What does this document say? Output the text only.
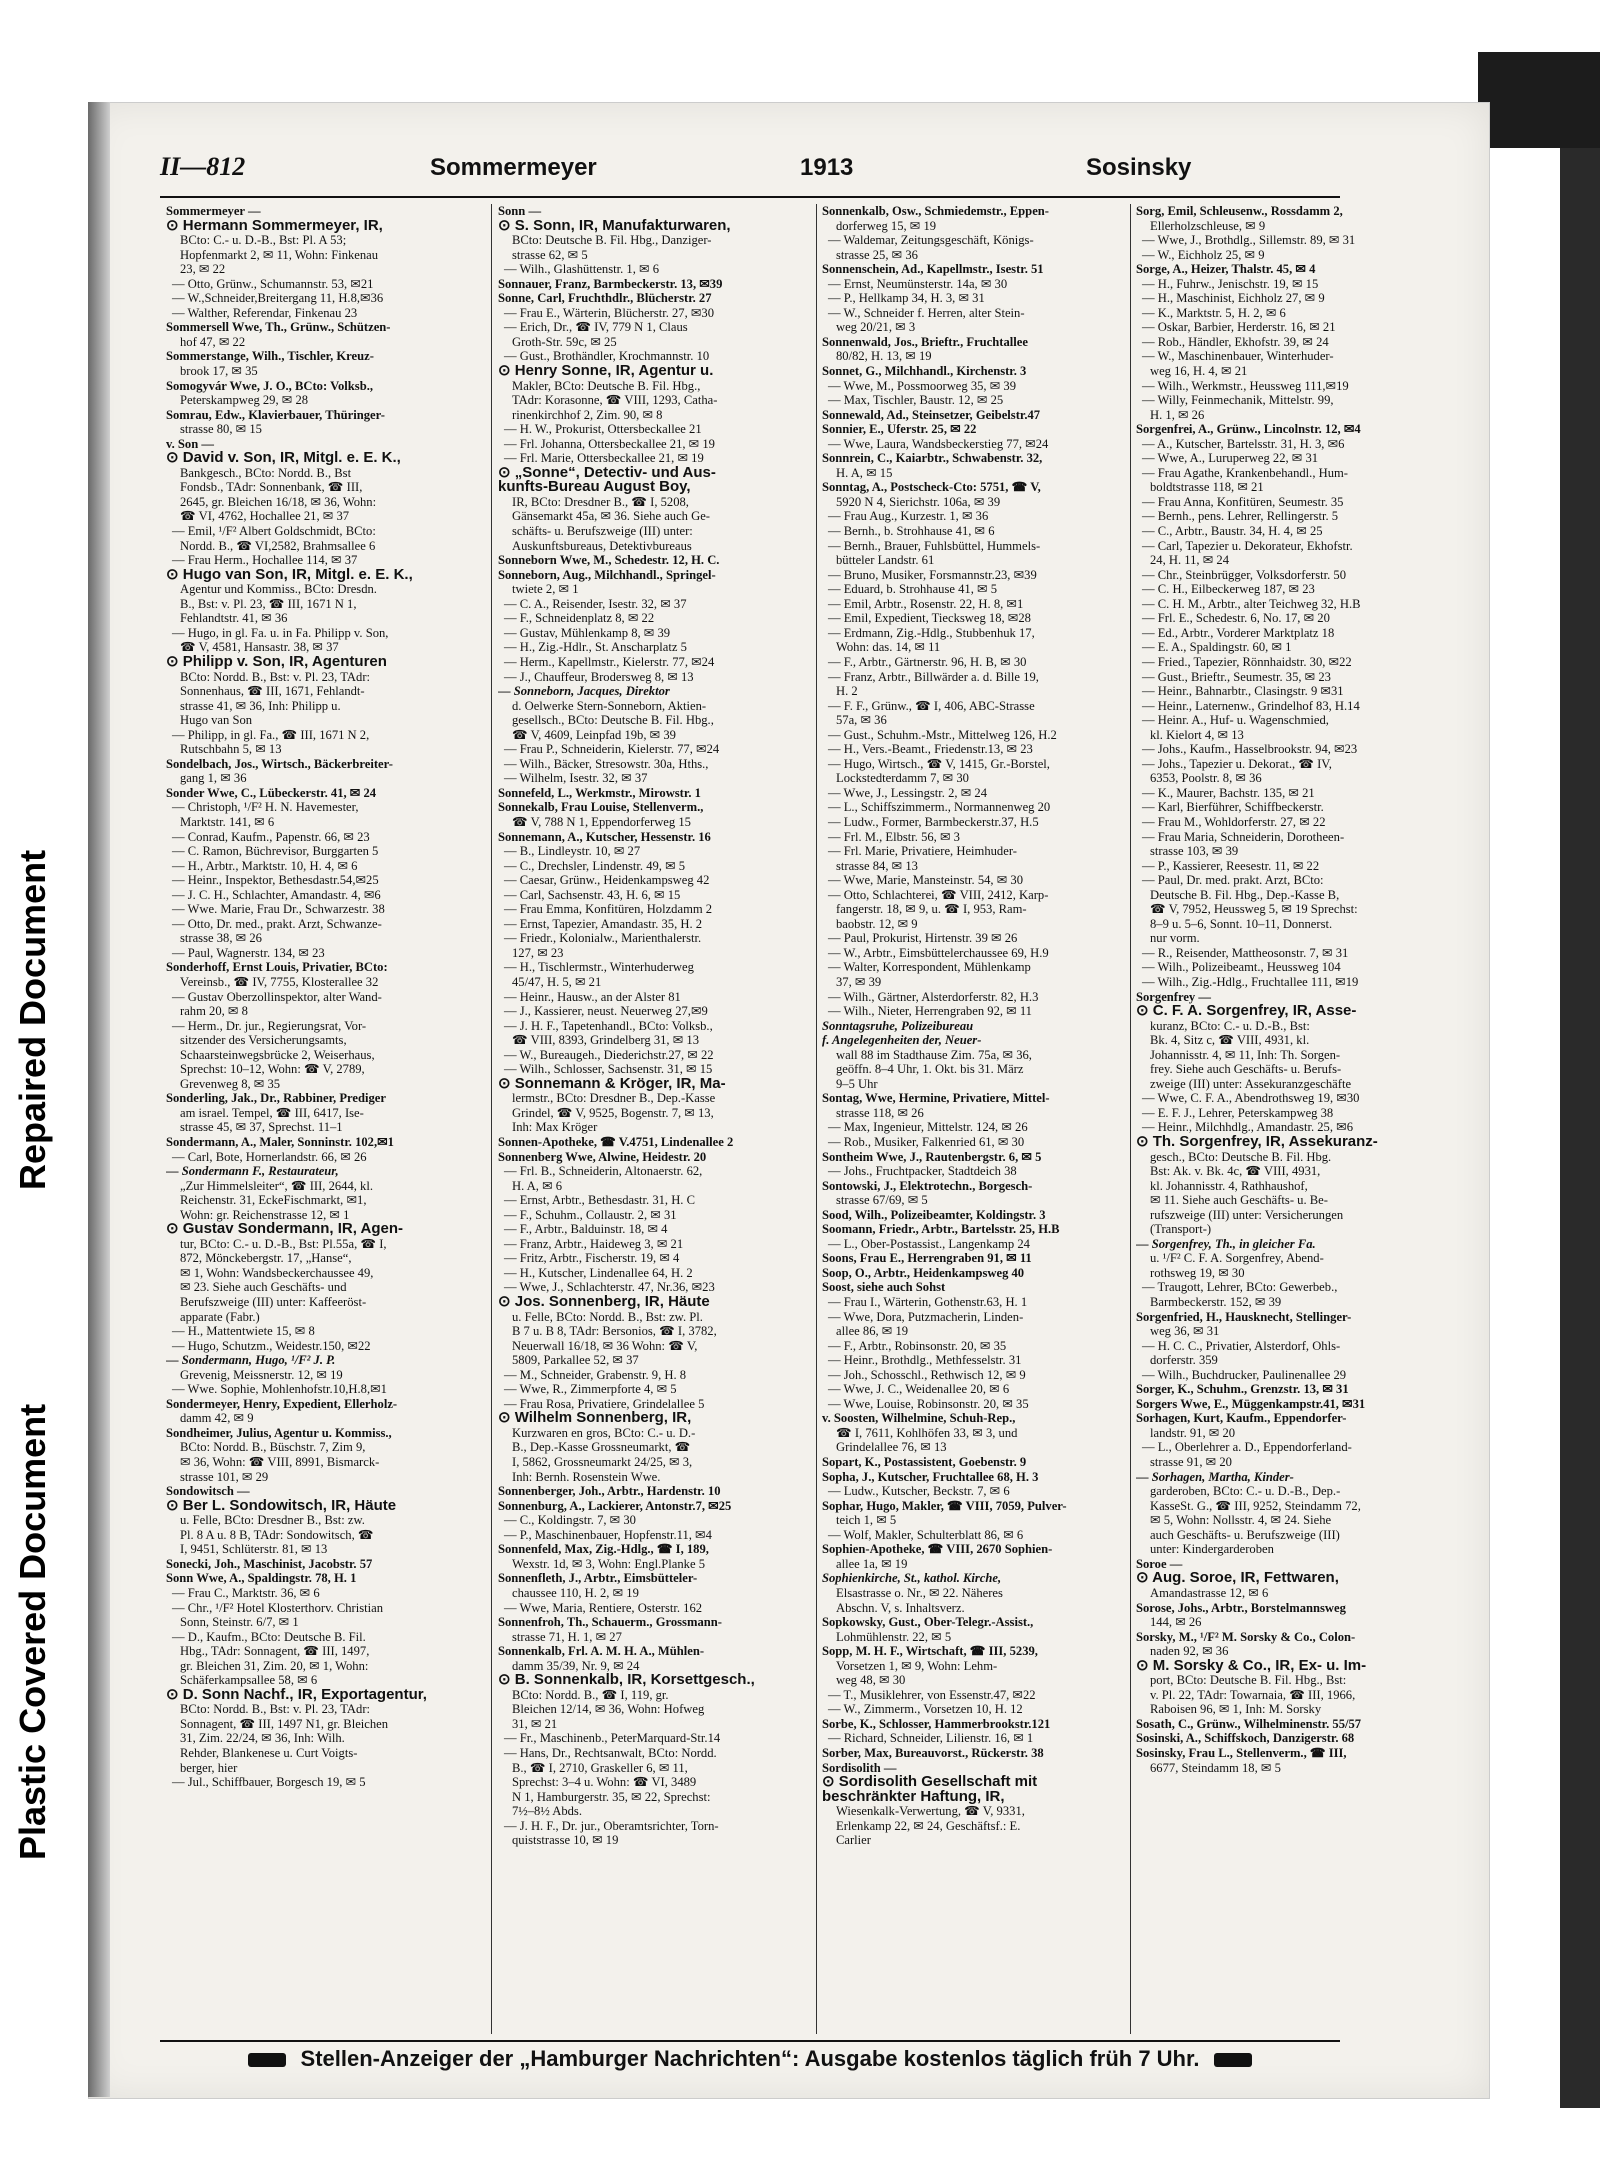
Repaired Document
Plastic Covered Document
II—812	Sommermeyer	1913	Sosinsky

Sommermeyer —

⊙ Hermann Sommermeyer, IR,

BCto: C.- u. D.-B., Bst: Pl. A 53;

Hopfenmarkt 2, ✉ 11, Wohn: Finkenau

23, ✉ 22

— Otto, Grünw., Schumannstr. 53, ✉21

— W.,Schneider,Breitergang 11, H.8,✉36

— Walther, Referendar, Finkenau 23

Sommersell Wwe, Th., Grünw., Schützen-

hof 47, ✉ 22

Sommerstange, Wilh., Tischler, Kreuz-

brook 17, ✉ 35

Somogyvár Wwe, J. O., BCto: Volksb.,

Peterskampweg 29, ✉ 28

Somrau, Edw., Klavierbauer, Thüringer-

strasse 80, ✉ 15

v. Son —

⊙ David v. Son, IR, Mitgl. e. E. K.,

Bankgesch., BCto: Nordd. B., Bst

Fondsb., TAdr: Sonnenbank, ☎ III,

2645, gr. Bleichen 16/18, ✉ 36, Wohn:

☎ VI, 4762, Hochallee 21, ✉ 37

— Emil, ¹/F² Albert Goldschmidt, BCto:

Nordd. B., ☎ VI,2582, Brahmsallee 6

— Frau Herm., Hochallee 114, ✉ 37

⊙ Hugo van Son, IR, Mitgl. e. E. K.,

Agentur und Kommiss., BCto: Dresdn.

B., Bst: v. Pl. 23, ☎ III, 1671 N 1,

Fehlandtstr. 41, ✉ 36

— Hugo, in gl. Fa. u. in Fa. Philipp v. Son,

☎ V, 4581, Hansastr. 38, ✉ 37

⊙ Philipp v. Son, IR, Agenturen

BCto: Nordd. B., Bst: v. Pl. 23, TAdr:

Sonnenhaus, ☎ III, 1671, Fehlandt-

strasse 41, ✉ 36, Inh: Philipp u.

Hugo van Son

— Philipp, in gl. Fa., ☎ III, 1671 N 2,

Rutschbahn 5, ✉ 13

Sondelbach, Jos., Wirtsch., Bäckerbreiter-

gang 1, ✉ 36

Sonder Wwe, C., Lübeckerstr. 41, ✉ 24

— Christoph, ¹/F² H. N. Havemester,

Marktstr. 141, ✉ 6

— Conrad, Kaufm., Papenstr. 66, ✉ 23

— C. Ramon, Büchrevisor, Burggarten 5

— H., Arbtr., Marktstr. 10, H. 4, ✉ 6

— Heinr., Inspektor, Bethesdastr.54,✉25

— J. C. H., Schlachter, Amandastr. 4, ✉6

— Wwe. Marie, Frau Dr., Schwarzestr. 38

— Otto, Dr. med., prakt. Arzt, Schwanze-

strasse 38, ✉ 26

— Paul, Wagnerstr. 134, ✉ 23

Sonderhoff, Ernst Louis, Privatier, BCto:

Vereinsb., ☎ IV, 7755, Klosterallee 32

— Gustav Oberzollinspektor, alter Wand-

rahm 20, ✉ 8

— Herm., Dr. jur., Regierungsrat, Vor-

sitzender des Versicherungsamts,

Schaarsteinwegsbrücke 2, Weiserhaus,

Sprechst: 10–12, Wohn: ☎ V, 2789,

Grevenweg 8, ✉ 35

Sonderling, Jak., Dr., Rabbiner, Prediger

am israel. Tempel, ☎ III, 6417, Ise-

strasse 45, ✉ 37, Sprechst. 11–1

Sondermann, A., Maler, Sonninstr. 102,✉1

— Carl, Bote, Hornerlandstr. 66, ✉ 26

— Sondermann F., Restaurateur,

„Zur Himmelsleiter“, ☎ III, 2644, kl.

Reichenstr. 31, EckeFischmarkt, ✉1,

Wohn: gr. Reichenstrasse 12, ✉ 1

⊙ Gustav Sondermann, IR, Agen-

tur, BCto: C.- u. D.-B., Bst: Pl.55a, ☎ I,

872, Mönckebergstr. 17, „Hanse“,

✉ 1, Wohn: Wandsbeckerchaussee 49,

✉ 23. Siehe auch Geschäfts- und

Berufszweige (III) unter: Kaffeeröst-

apparate (Fabr.)

— H., Mattentwiete 15, ✉ 8

— Hugo, Schutzm., Weidestr.150, ✉22

— Sondermann, Hugo, ¹/F² J. P.

Grevenig, Meissnerstr. 12, ✉ 19

— Wwe. Sophie, Mohlenhofstr.10,H.8,✉1

Sondermeyer, Henry, Expedient, Ellerholz-

damm 42, ✉ 9

Sondheimer, Julius, Agentur u. Kommiss.,

BCto: Nordd. B., Büschstr. 7, Zim 9,

✉ 36, Wohn: ☎ VIII, 8991, Bismarck-

strasse 101, ✉ 29

Sondowitsch —

⊙ Ber L. Sondowitsch, IR, Häute

u. Felle, BCto: Dresdner B., Bst: zw.

Pl. 8 A u. 8 B, TAdr: Sondowitsch, ☎

I, 9451, Schlüterstr. 81, ✉ 13

Sonecki, Joh., Maschinist, Jacobstr. 57

Sonn Wwe, A., Spaldingstr. 78, H. 1

— Frau C., Marktstr. 36, ✉ 6

— Chr., ¹/F² Hotel Klosterthorv. Christian

Sonn, Steinstr. 6/7, ✉ 1

— D., Kaufm., BCto: Deutsche B. Fil.

Hbg., TAdr: Sonnagent, ☎ III, 1497,

gr. Bleichen 31, Zim. 20, ✉ 1, Wohn:

Schäferkampsallee 58, ✉ 6

⊙ D. Sonn Nachf., IR, Exportagentur,

BCto: Nordd. B., Bst: v. Pl. 23, TAdr:

Sonnagent, ☎ III, 1497 N1, gr. Bleichen

31, Zim. 22/24, ✉ 36, Inh: Wilh.

Rehder, Blankenese u. Curt Voigts-

berger, hier

— Jul., Schiffbauer, Borgesch 19, ✉ 5

Sonn —

⊙ S. Sonn, IR, Manufakturwaren,

BCto: Deutsche B. Fil. Hbg., Danziger-

strasse 62, ✉ 5

— Wilh., Glashüttenstr. 1, ✉ 6

Sonnauer, Franz, Barmbeckerstr. 13, ✉39

Sonne, Carl, Fruchthdlr., Blücherstr. 27

— Frau E., Wärterin, Blücherstr. 27, ✉30

— Erich, Dr., ☎ IV, 779 N 1, Claus

Groth-Str. 59c, ✉ 25

— Gust., Brothändler, Krochmannstr. 10

⊙ Henry Sonne, IR, Agentur u.

Makler, BCto: Deutsche B. Fil. Hbg.,

TAdr: Korasonne, ☎ VIII, 1293, Catha-

rinenkirchhof 2, Zim. 90, ✉ 8

— H. W., Prokurist, Ottersbeckallee 21

— Frl. Johanna, Ottersbeckallee 21, ✉ 19

— Frl. Marie, Ottersbeckallee 21, ✉ 19

⊙ „Sonne“, Detectiv- und Aus-

kunfts-Bureau August Boy,

IR, BCto: Dresdner B., ☎ I, 5208,

Gänsemarkt 45a, ✉ 36. Siehe auch Ge-

schäfts- u. Berufszweige (III) unter:

Auskunftsbureaus, Detektivbureaus

Sonneborn Wwe, M., Schedestr. 12, H. C.

Sonneborn, Aug., Milchhandl., Springel-

twiete 2, ✉ 1

— C. A., Reisender, Isestr. 32, ✉ 37

— F., Schneidenplatz 8, ✉ 22

— Gustav, Mühlenkamp 8, ✉ 39

— H., Zig.-Hdlr., St. Anscharplatz 5

— Herm., Kapellmstr., Kielerstr. 77, ✉24

— J., Chauffeur, Brodersweg 8, ✉ 13

— Sonneborn, Jacques, Direktor

d. Oelwerke Stern-Sonneborn, Aktien-

gesellsch., BCto: Deutsche B. Fil. Hbg.,

☎ V, 4609, Leinpfad 19b, ✉ 39

— Frau P., Schneiderin, Kielerstr. 77, ✉24

— Wilh., Bäcker, Stresowstr. 30a, Hths.,

— Wilhelm, Isestr. 32, ✉ 37

Sonnefeld, L., Werkmstr., Mirowstr. 1

Sonnekalb, Frau Louise, Stellenverm.,

☎ V, 788 N 1, Eppendorferweg 15

Sonnemann, A., Kutscher, Hessenstr. 16

— B., Lindleystr. 10, ✉ 27

— C., Drechsler, Lindenstr. 49, ✉ 5

— Caesar, Grünw., Heidenkampsweg 42

— Carl, Sachsenstr. 43, H. 6, ✉ 15

— Frau Emma, Konfitüren, Holzdamm 2

— Ernst, Tapezier, Amandastr. 35, H. 2

— Friedr., Kolonialw., Marienthalerstr.

127, ✉ 23

— H., Tischlermstr., Winterhuderweg

45/47, H. 5, ✉ 21

— Heinr., Hausw., an der Alster 81

— J., Kassierer, neust. Neuerweg 27,✉9

— J. H. F., Tapetenhandl., BCto: Volksb.,

☎ VIII, 8393, Grindelberg 31, ✉ 13

— W., Bureaugeh., Diederichstr.27, ✉ 22

— Wilh., Schlosser, Sachsenstr. 31, ✉ 15

⊙ Sonnemann & Kröger, IR, Ma-

lermstr., BCto: Dresdner B., Dep.-Kasse

Grindel, ☎ V, 9525, Bogenstr. 7, ✉ 13,

Inh: Max Kröger

Sonnen-Apotheke, ☎ V.4751, Lindenallee 2

Sonnenberg Wwe, Alwine, Heidestr. 20

— Frl. B., Schneiderin, Altonaerstr. 62,

H. A, ✉ 6

— Ernst, Arbtr., Bethesdastr. 31, H. C

— F., Schuhm., Collaustr. 2, ✉ 31

— F., Arbtr., Balduinstr. 18, ✉ 4

— Franz, Arbtr., Haideweg 3, ✉ 21

— Fritz, Arbtr., Fischerstr. 19, ✉ 4

— H., Kutscher, Lindenallee 64, H. 2

— Wwe, J., Schlachterstr. 47, Nr.36, ✉23

⊙ Jos. Sonnenberg, IR, Häute

u. Felle, BCto: Nordd. B., Bst: zw. Pl.

B 7 u. B 8, TAdr: Bersonios, ☎ I, 3782,

Neuerwall 16/18, ✉ 36 Wohn: ☎ V,

5809, Parkallee 52, ✉ 37

— M., Schneider, Grabenstr. 9, H. 8

— Wwe, R., Zimmerpforte 4, ✉ 5

— Frau Rosa, Privatiere, Grindelallee 5

⊙ Wilhelm Sonnenberg, IR,

Kurzwaren en gros, BCto: C.- u. D.-

B., Dep.-Kasse Grossneumarkt, ☎

I, 5862, Grossneumarkt 24/25, ✉ 3,

Inh: Bernh. Rosenstein Wwe.

Sonnenberger, Joh., Arbtr., Hardenstr. 10

Sonnenburg, A., Lackierer, Antonstr.7, ✉25

— C., Koldingstr. 7, ✉ 30

— P., Maschinenbauer, Hopfenstr.11, ✉4

Sonnenfeld, Max, Zig.-Hdlg., ☎ I, 189,

Wexstr. 1d, ✉ 3, Wohn: Engl.Planke 5

Sonnenfleth, J., Arbtr., Eimsbütteler-

chaussee 110, H. 2, ✉ 19

— Wwe, Maria, Rentiere, Osterstr. 162

Sonnenfroh, Th., Schauerm., Grossmann-

strasse 71, H. 1, ✉ 27

Sonnenkalb, Frl. A. M. H. A., Mühlen-

damm 35/39, Nr. 9, ✉ 24

⊙ B. Sonnenkalb, IR, Korsettgesch.,

BCto: Nordd. B., ☎ I, 119, gr.

Bleichen 12/14, ✉ 36, Wohn: Hofweg

31, ✉ 21

— Fr., Maschinenb., PeterMarquard-Str.14

— Hans, Dr., Rechtsanwalt, BCto: Nordd.

B., ☎ I, 2710, Graskeller 6, ✉ 11,

Sprechst: 3–4 u. Wohn: ☎ VI, 3489

N 1, Hamburgerstr. 35, ✉ 22, Sprechst:

7½–8½ Abds.

— J. H. F., Dr. jur., Oberamtsrichter, Torn-

quiststrasse 10, ✉ 19

Sonnenkalb, Osw., Schmiedemstr., Eppen-

dorferweg 15, ✉ 19

— Waldemar, Zeitungsgeschäft, Königs-

strasse 25, ✉ 36

Sonnenschein, Ad., Kapellmstr., Isestr. 51

— Ernst, Neumünsterstr. 14a, ✉ 30

— P., Hellkamp 34, H. 3, ✉ 31

— W., Schneider f. Herren, alter Stein-

weg 20/21, ✉ 3

Sonnenwald, Jos., Brieftr., Fruchtallee

80/82, H. 13, ✉ 19

Sonnet, G., Milchhandl., Kirchenstr. 3

— Wwe, M., Possmoorweg 35, ✉ 39

— Max, Tischler, Baustr. 12, ✉ 25

Sonnewald, Ad., Steinsetzer, Geibelstr.47

Sonnier, E., Uferstr. 25, ✉ 22

— Wwe, Laura, Wandsbeckerstieg 77, ✉24

Sonnrein, C., Kaiarbtr., Schwabenstr. 32,

H. A, ✉ 15

Sonntag, A., Postscheck-Cto: 5751, ☎ V,

5920 N 4, Sierichstr. 106a, ✉ 39

— Frau Aug., Kurzestr. 1, ✉ 36

— Bernh., b. Strohhause 41, ✉ 6

— Bernh., Brauer, Fuhlsbüttel, Hummels-

bütteler Landstr. 61

— Bruno, Musiker, Forsmannstr.23, ✉39

— Eduard, b. Strohhause 41, ✉ 5

— Emil, Arbtr., Rosenstr. 22, H. 8, ✉1

— Emil, Expedient, Tiecksweg 18, ✉28

— Erdmann, Zig.-Hdlg., Stubbenhuk 17,

Wohn: das. 14, ✉ 11

— F., Arbtr., Gärtnerstr. 96, H. B, ✉ 30

— Franz, Arbtr., Billwärder a. d. Bille 19,

H. 2

— F. F., Grünw., ☎ I, 406, ABC-Strasse

57a, ✉ 36

— Gust., Schuhm.-Mstr., Mittelweg 126, H.2

— H., Vers.-Beamt., Friedenstr.13, ✉ 23

— Hugo, Wirtsch., ☎ V, 1415, Gr.-Borstel,

Lockstedterdamm 7, ✉ 30

— Wwe, J., Lessingstr. 2, ✉ 24

— L., Schiffszimmerm., Normannenweg 20

— Ludw., Former, Barmbeckerstr.37, H.5

— Frl. M., Elbstr. 56, ✉ 3

— Frl. Marie, Privatiere, Heimhuder-

strasse 84, ✉ 13

— Wwe, Marie, Mansteinstr. 54, ✉ 30

— Otto, Schlachterei, ☎ VIII, 2412, Karp-

fangerstr. 18, ✉ 9, u. ☎ I, 953, Ram-

baobstr. 12, ✉ 9

— Paul, Prokurist, Hirtenstr. 39 ✉ 26

— W., Arbtr., Eimsbüttelerchaussee 69, H.9

— Walter, Korrespondent, Mühlenkamp

37, ✉ 39

— Wilh., Gärtner, Alsterdorferstr. 82, H.3

— Wilh., Nieter, Herrengraben 92, ✉ 11

Sonntagsruhe, Polizeibureau

f. Angelegenheiten der, Neuer-

wall 88 im Stadthause Zim. 75a, ✉ 36,

geöffn. 8–4 Uhr, 1. Okt. bis 31. März

9–5 Uhr

Sontag, Wwe, Hermine, Privatiere, Mittel-

strasse 118, ✉ 26

— Max, Ingenieur, Mittelstr. 124, ✉ 26

— Rob., Musiker, Falkenried 61, ✉ 30

Sontheim Wwe, J., Rautenbergstr. 6, ✉ 5

— Johs., Fruchtpacker, Stadtdeich 38

Sontowski, J., Elektrotechn., Borgesch-

strasse 67/69, ✉ 5

Sood, Wilh., Polizeibeamter, Koldingstr. 3

Soomann, Friedr., Arbtr., Bartelsstr. 25, H.B

— L., Ober-Postassist., Langenkamp 24

Soons, Frau E., Herrengraben 91, ✉ 11

Soop, O., Arbtr., Heidenkampsweg 40

Soost, siehe auch Sohst

— Frau I., Wärterin, Gothenstr.63, H. 1

— Wwe, Dora, Putzmacherin, Linden-

allee 86, ✉ 19

— F., Arbtr., Robinsonstr. 20, ✉ 35

— Heinr., Brothdlg., Methfesselstr. 31

— Joh., Schosschl., Rethwisch 12, ✉ 9

— Wwe, J. C., Weidenallee 20, ✉ 6

— Wwe, Louise, Robinsonstr. 20, ✉ 35

v. Soosten, Wilhelmine, Schuh-Rep.,

☎ I, 7611, Kohlhöfen 33, ✉ 3, und

Grindelallee 76, ✉ 13

Sopart, K., Postassistent, Goebenstr. 9

Sopha, J., Kutscher, Fruchtallee 68, H. 3

— Ludw., Kutscher, Beckstr. 7, ✉ 6

Sophar, Hugo, Makler, ☎ VIII, 7059, Pulver-

teich 1, ✉ 5

— Wolf, Makler, Schulterblatt 86, ✉ 6

Sophien-Apotheke, ☎ VIII, 2670 Sophien-

allee 1a, ✉ 19

Sophienkirche, St., kathol. Kirche,

Elsastrasse o. Nr., ✉ 22. Näheres

Abschn. V, s. Inhaltsverz.

Sopkowsky, Gust., Ober-Telegr.-Assist.,

Lohmühlenstr. 22, ✉ 5

Sopp, M. H. F., Wirtschaft, ☎ III, 5239,

Vorsetzen 1, ✉ 9, Wohn: Lehm-

weg 48, ✉ 30

— T., Musiklehrer, von Essenstr.47, ✉22

— W., Zimmerm., Vorsetzen 10, H. 12

Sorbe, K., Schlosser, Hammerbrookstr.121

— Richard, Schneider, Lilienstr. 16, ✉ 1

Sorber, Max, Bureauvorst., Rückerstr. 38

Sordisolith —

⊙ Sordisolith Gesellschaft mit

beschränkter Haftung, IR,

Wiesenkalk-Verwertung, ☎ V, 9331,

Erlenkamp 22, ✉ 24, Geschäftsf.: E.

Carlier

Sorg, Emil, Schleusenw., Rossdamm 2,

Ellerholzschleuse, ✉ 9

— Wwe, J., Brothdlg., Sillemstr. 89, ✉ 31

— W., Eichholz 25, ✉ 9

Sorge, A., Heizer, Thalstr. 45, ✉ 4

— H., Fuhrw., Jenischstr. 19, ✉ 15

— H., Maschinist, Eichholz 27, ✉ 9

— K., Marktstr. 5, H. 2, ✉ 6

— Oskar, Barbier, Herderstr. 16, ✉ 21

— Rob., Händler, Ekhofstr. 39, ✉ 24

— W., Maschinenbauer, Winterhuder-

weg 16, H. 4, ✉ 21

— Wilh., Werkmstr., Heussweg 111,✉19

— Willy, Feinmechanik, Mittelstr. 99,

H. 1, ✉ 26

Sorgenfrei, A., Grünw., Lincolnstr. 12, ✉4

— A., Kutscher, Bartelsstr. 31, H. 3, ✉6

— Wwe, A., Luruperweg 22, ✉ 31

— Frau Agathe, Krankenbehandl., Hum-

boldtstrasse 118, ✉ 21

— Frau Anna, Konfitüren, Seumestr. 35

— Bernh., pens. Lehrer, Rellingerstr. 5

— C., Arbtr., Baustr. 34, H. 4, ✉ 25

— Carl, Tapezier u. Dekorateur, Ekhofstr.

24, H. 11, ✉ 24

— Chr., Steinbrügger, Volksdorferstr. 50

— C. H., Eilbeckerweg 187, ✉ 23

— C. H. M., Arbtr., alter Teichweg 32, H.B

— Frl. E., Schedestr. 6, No. 17, ✉ 20

— Ed., Arbtr., Vorderer Marktplatz 18

— E. A., Spaldingstr. 60, ✉ 1

— Fried., Tapezier, Rönnhaidstr. 30, ✉22

— Gust., Brieftr., Seumestr. 35, ✉ 23

— Heinr., Bahnarbtr., Clasingstr. 9 ✉31

— Heinr., Laternenw., Grindelhof 83, H.14

— Heinr. A., Huf- u. Wagenschmied,

kl. Kielort 4, ✉ 13

— Johs., Kaufm., Hasselbrookstr. 94, ✉23

— Johs., Tapezier u. Dekorat., ☎ IV,

6353, Poolstr. 8, ✉ 36

— K., Maurer, Bachstr. 135, ✉ 21

— Karl, Bierführer, Schiffbeckerstr.

— Frau M., Wohldorferstr. 27, ✉ 22

— Frau Maria, Schneiderin, Dorotheen-

strasse 103, ✉ 39

— P., Kassierer, Reesestr. 11, ✉ 22

— Paul, Dr. med. prakt. Arzt, BCto:

Deutsche B. Fil. Hbg., Dep.-Kasse B,

☎ V, 7952, Heussweg 5, ✉ 19 Sprechst:

8–9 u. 5–6, Sonnt. 10–11, Donnerst.

nur vorm.

— R., Reisender, Mattheosonstr. 7, ✉ 31

— Wilh., Polizeibeamt., Heussweg 104

— Wilh., Zig.-Hdlg., Fruchtallee 111, ✉19

Sorgenfrey —

⊙ C. F. A. Sorgenfrey, IR, Asse-

kuranz, BCto: C.- u. D.-B., Bst:

Bk. 4, Sitz c, ☎ VIII, 4931, kl.

Johannisstr. 4, ✉ 11, Inh: Th. Sorgen-

frey. Siehe auch Geschäfts- u. Berufs-

zweige (III) unter: Assekuranzgeschäfte

— Wwe, C. F. A., Abendrothsweg 19, ✉30

— E. F. J., Lehrer, Peterskampweg 38

— Heinr., Milchhdlg., Amandastr. 25, ✉6

⊙ Th. Sorgenfrey, IR, Assekuranz-

gesch., BCto: Deutsche B. Fil. Hbg.

Bst: Ak. v. Bk. 4c, ☎ VIII, 4931,

kl. Johannisstr. 4, Rathhaushof,

✉ 11. Siehe auch Geschäfts- u. Be-

rufszweige (III) unter: Versicherungen

(Transport-)

— Sorgenfrey, Th., in gleicher Fa.

u. ¹/F² C. F. A. Sorgenfrey, Abend-

rothsweg 19, ✉ 30

— Traugott, Lehrer, BCto: Gewerbeb.,

Barmbeckerstr. 152, ✉ 39

Sorgenfried, H., Hausknecht, Stellinger-

weg 36, ✉ 31

— H. C. C., Privatier, Alsterdorf, Ohls-

dorferstr. 359

— Wilh., Buchdrucker, Paulinenallee 29

Sorger, K., Schuhm., Grenzstr. 13, ✉ 31

Sorgers Wwe, E., Müggenkampstr.41, ✉31

Sorhagen, Kurt, Kaufm., Eppendorfer-

landstr. 91, ✉ 20

— L., Oberlehrer a. D., Eppendorferland-

strasse 91, ✉ 20

— Sorhagen, Martha, Kinder-

garderoben, BCto: C.- u. D.-B., Dep.-

KasseSt. G., ☎ III, 9252, Steindamm 72,

✉ 5, Wohn: Nollsstr. 4, ✉ 24. Siehe

auch Geschäfts- u. Berufszweige (III)

unter: Kindergarderoben

Soroe —

⊙ Aug. Soroe, IR, Fettwaren,

Amandastrasse 12, ✉ 6

Sorose, Johs., Arbtr., Borstelmannsweg

144, ✉ 26

Sorsky, M., ¹/F² M. Sorsky & Co., Colon-

naden 92, ✉ 36

⊙ M. Sorsky & Co., IR, Ex- u. Im-

port, BCto: Deutsche B. Fil. Hbg., Bst:

v. Pl. 22, TAdr: Towarnaia, ☎ III, 1966,

Raboisen 96, ✉ 1, Inh: M. Sorsky

Sosath, C., Grünw., Wilhelminenstr. 55/57

Sosinski, A., Schiffskoch, Danzigerstr. 68

Sosinsky, Frau L., Stellenverm., ☎ III,

6677, Steindamm 18, ✉ 5

Stellen-Anzeiger der „Hamburger Nachrichten“: Ausgabe kostenlos täglich früh 7 Uhr.
